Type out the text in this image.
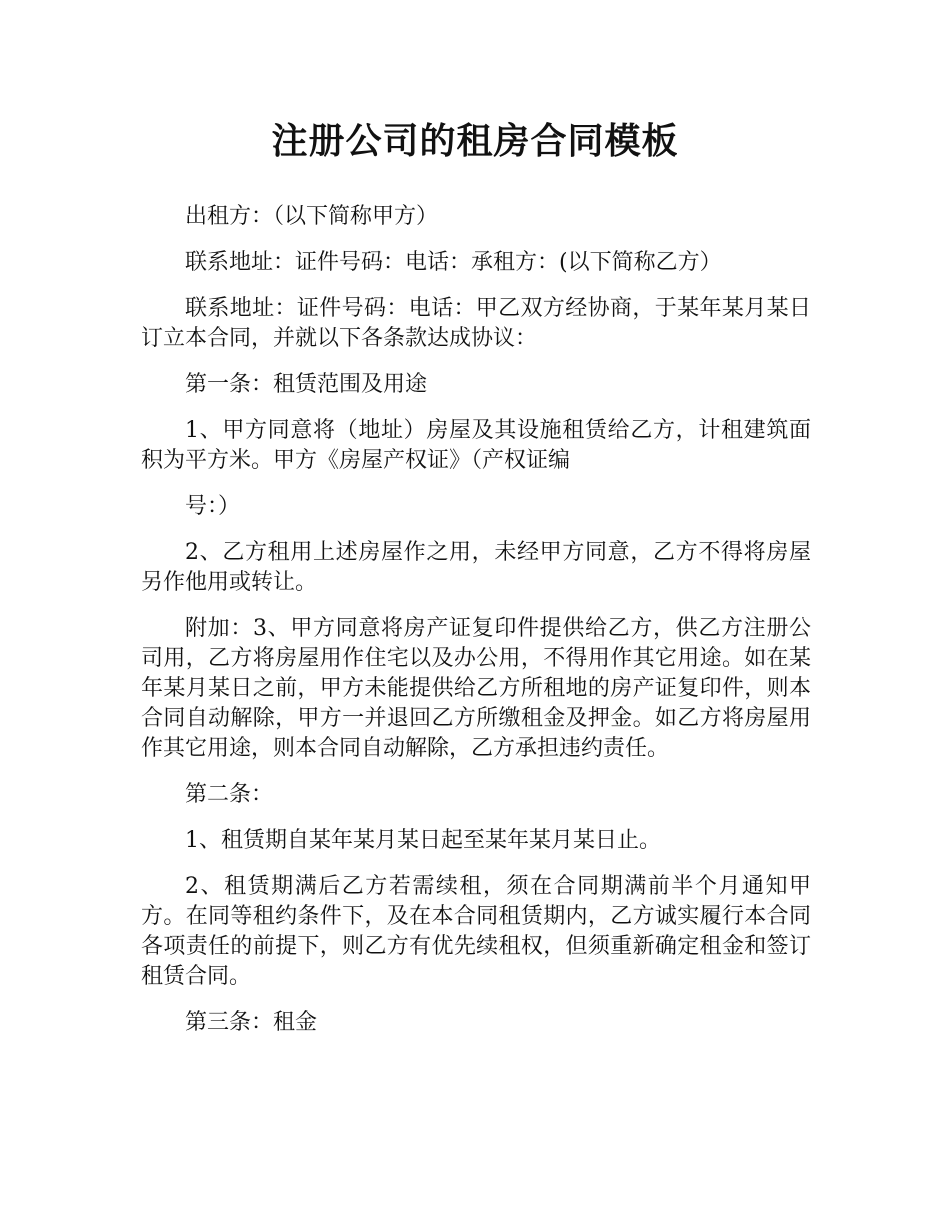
注册公司的租房合同模板

出租方：（以下简称甲方）

联系地址：证件号码：电话：承租方：(以下简称乙方）

联系地址：证件号码：电话：甲乙双方经协商，于某年某月某日订立本合同，并就以下各条款达成协议：

第一条：租赁范围及用途

1、甲方同意将（地址）房屋及其设施租赁给乙方，计租建筑面积为平方米。甲方《房屋产权证》（产权证编

号：）

2、乙方租用上述房屋作之用，未经甲方同意，乙方不得将房屋另作他用或转让。

附加：3、甲方同意将房产证复印件提供给乙方，供乙方注册公司用，乙方将房屋用作住宅以及办公用，不得用作其它用途。如在某年某月某日之前，甲方未能提供给乙方所租地的房产证复印件，则本合同自动解除，甲方一并退回乙方所缴租金及押金。如乙方将房屋用作其它用途，则本合同自动解除，乙方承担违约责任。

第二条：

1、租赁期自某年某月某日起至某年某月某日止。

2、租赁期满后乙方若需续租，须在合同期满前半个月通知甲方。在同等租约条件下，及在本合同租赁期内，乙方诚实履行本合同各项责任的前提下，则乙方有优先续租权，但须重新确定租金和签订租赁合同。

第三条：租金
